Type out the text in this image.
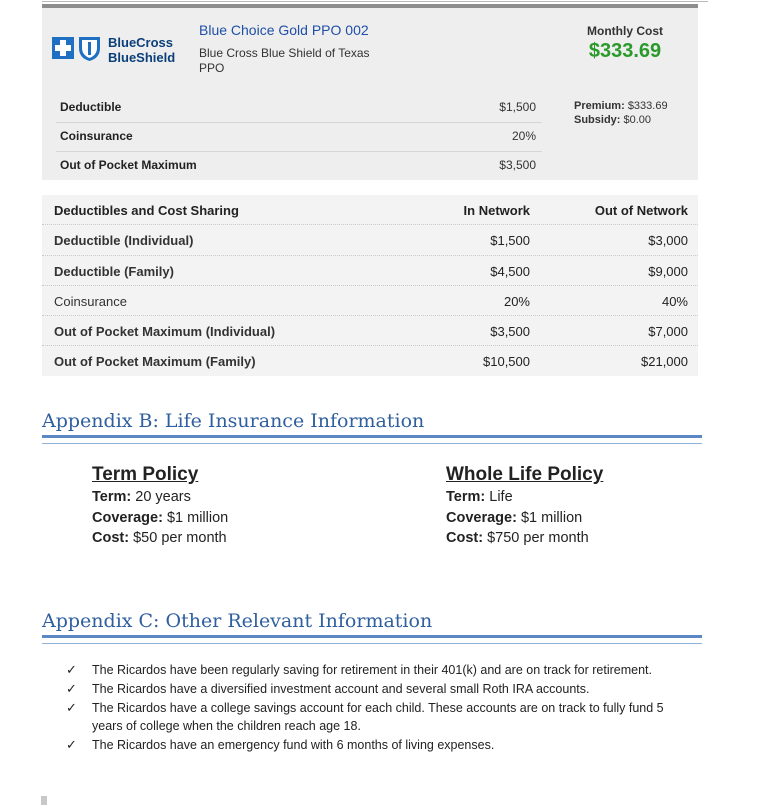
BlueCross
BlueShield
Blue Choice Gold PPO 002
Blue Cross Blue Shield of Texas PPO
Monthly Cost
$333.69
Deductible	$1,500
Coinsurance	20%
Out of Pocket Maximum	$3,500
Premium: $333.69
Subsidy: $0.00
Deductibles and Cost Sharing	In Network	Out of Network
Deductible (Individual)	$1,500	$3,000
Deductible (Family)	$4,500	$9,000
Coinsurance	20%	40%
Out of Pocket Maximum (Individual)	$3,500	$7,000
Out of Pocket Maximum (Family)	$10,500	$21,000
Appendix B: Life Insurance Information
Term Policy
Term: 20 years
Coverage: $1 million
Cost: $50 per month
Whole Life Policy
Term: Life
Coverage: $1 million
Cost: $750 per month
Appendix C: Other Relevant Information
✓ The Ricardos have been regularly saving for retirement in their 401(k) and are on track for retirement.
✓ The Ricardos have a diversified investment account and several small Roth IRA accounts.
✓ The Ricardos have a college savings account for each child. These accounts are on track to fully fund 5 years of college when the children reach age 18.
✓ The Ricardos have an emergency fund with 6 months of living expenses.
